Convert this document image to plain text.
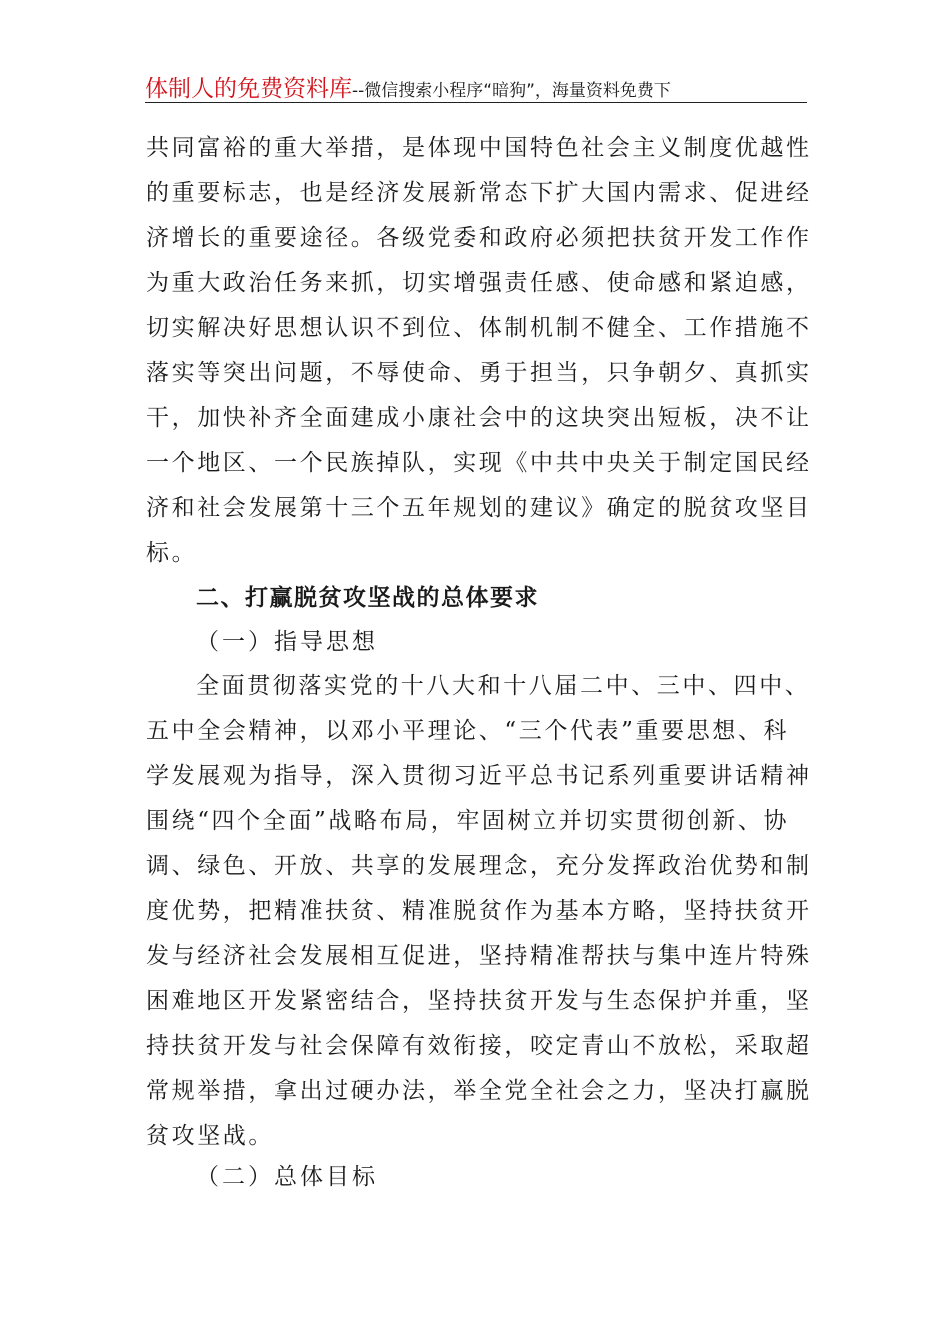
体制人的免费资料库--微信搜索小程序“暗狗”，海量资料免费下
共同富裕的重大举措，是体现中国特色社会主义制度优越性
的重要标志，也是经济发展新常态下扩大国内需求、促进经
济增长的重要途径。各级党委和政府必须把扶贫开发工作作
为重大政治任务来抓，切实增强责任感、使命感和紧迫感，
切实解决好思想认识不到位、体制机制不健全、工作措施不
落实等突出问题，不辱使命、勇于担当，只争朝夕、真抓实
干，加快补齐全面建成小康社会中的这块突出短板，决不让
一个地区、一个民族掉队，实现《中共中央关于制定国民经
济和社会发展第十三个五年规划的建议》确定的脱贫攻坚目
标。
二、打赢脱贫攻坚战的总体要求
（一）指导思想
全面贯彻落实党的十八大和十八届二中、三中、四中、
五中全会精神，以邓小平理论、“三个代表”重要思想、科
学发展观为指导，深入贯彻习近平总书记系列重要讲话精神
围绕“四个全面”战略布局，牢固树立并切实贯彻创新、协
调、绿色、开放、共享的发展理念，充分发挥政治优势和制
度优势，把精准扶贫、精准脱贫作为基本方略，坚持扶贫开
发与经济社会发展相互促进，坚持精准帮扶与集中连片特殊
困难地区开发紧密结合，坚持扶贫开发与生态保护并重，坚
持扶贫开发与社会保障有效衔接，咬定青山不放松，采取超
常规举措，拿出过硬办法，举全党全社会之力，坚决打赢脱
贫攻坚战。
（二）总体目标
